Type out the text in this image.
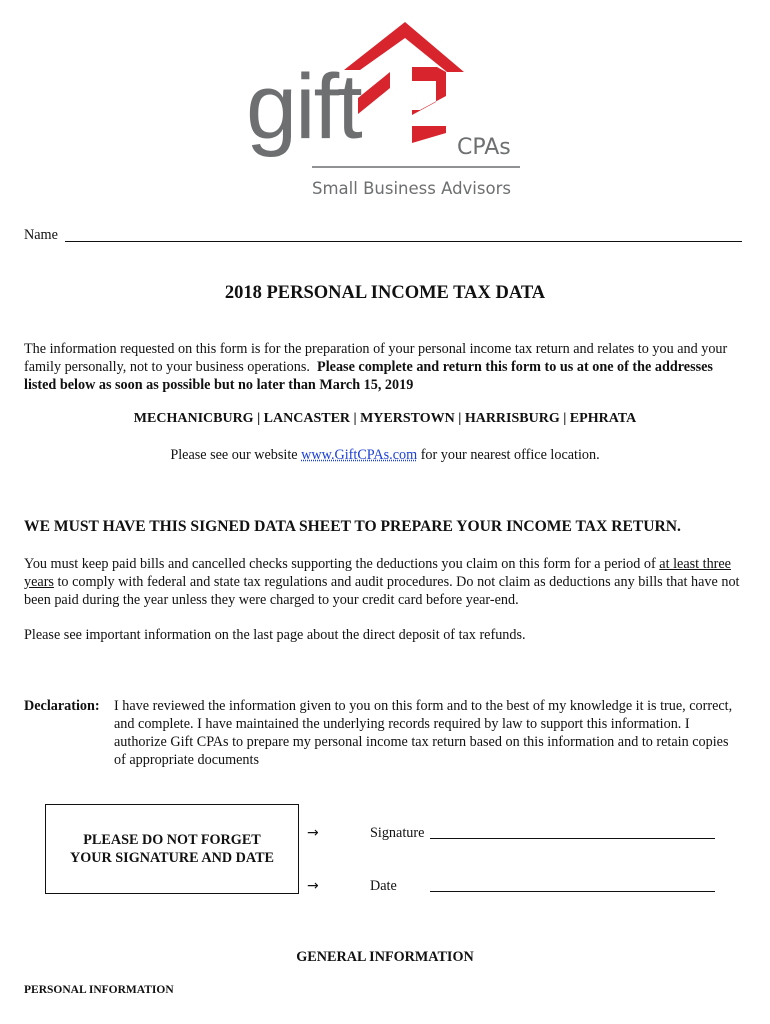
gift	CPAs
Small Business Advisors
Name
2018 PERSONAL INCOME TAX DATA
The information requested on this form is for the preparation of your personal income tax return and relates to you and your family personally, not to your business operations. Please complete and return this form to us at one of the addresses listed below as soon as possible but no later than March 15, 2019
MECHANICBURG | LANCASTER | MYERSTOWN | HARRISBURG | EPHRATA
Please see our website www.GiftCPAs.com for your nearest office location.
WE MUST HAVE THIS SIGNED DATA SHEET TO PREPARE YOUR INCOME TAX RETURN.
You must keep paid bills and cancelled checks supporting the deductions you claim on this form for a period of at least three years to comply with federal and state tax regulations and audit procedures. Do not claim as deductions any bills that have not been paid during the year unless they were charged to your credit card before year-end.
Please see important information on the last page about the direct deposit of tax refunds.
Declaration: I have reviewed the information given to you on this form and to the best of my knowledge it is true, correct, and complete. I have maintained the underlying records required by law to support this information. I authorize Gift CPAs to prepare my personal income tax return based on this information and to retain copies of appropriate documents
PLEASE DO NOT FORGET
YOUR SIGNATURE AND DATE
→	Signature
→	Date
GENERAL INFORMATION
PERSONAL INFORMATION
